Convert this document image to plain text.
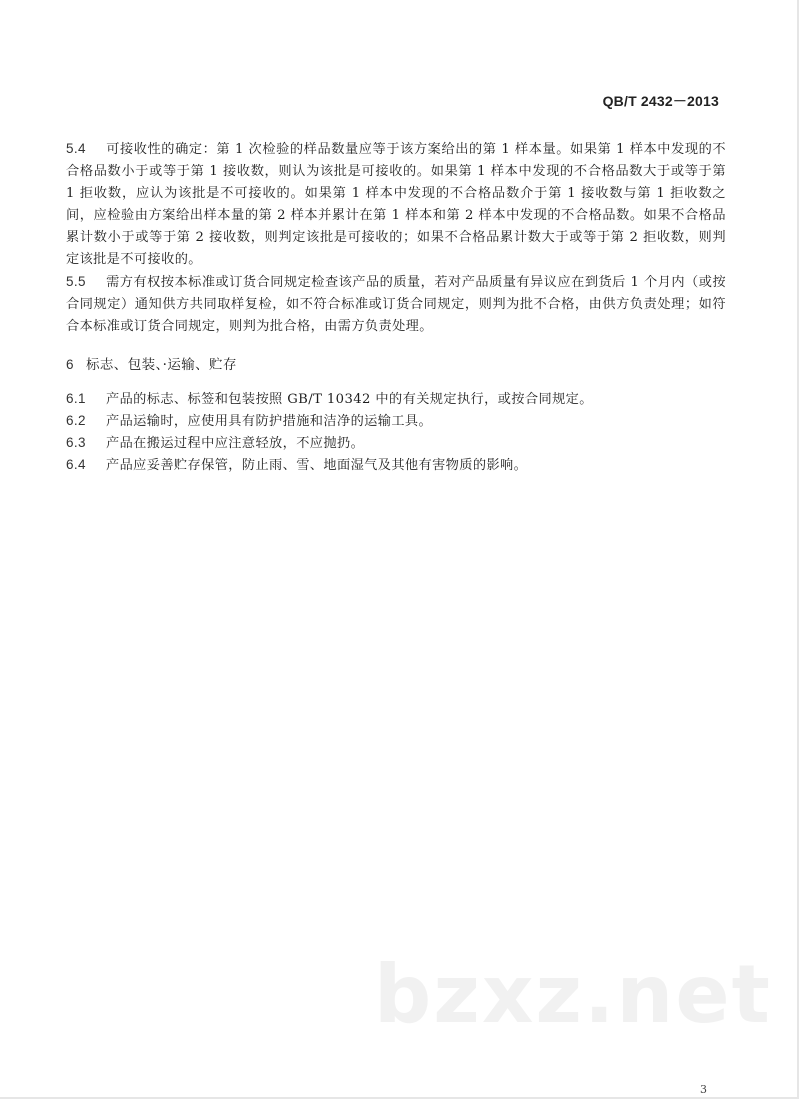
QB/T 2432－2013

5.4 可接收性的确定：第 1 次检验的样品数量应等于该方案给出的第 1 样本量。如果第 1 样本中发现的不合格品数小于或等于第 1 接收数，则认为该批是可接收的。如果第 1 样本中发现的不合格品数大于或等于第 1 拒收数，应认为该批是不可接收的。如果第 1 样本中发现的不合格品数介于第 1 接收数与第 1 拒收数之间，应检验由方案给出样本量的第 2 样本并累计在第 1 样本和第 2 样本中发现的不合格品数。如果不合格品累计数小于或等于第 2 接收数，则判定该批是可接收的；如果不合格品累计数大于或等于第 2 拒收数，则判定该批是不可接收的。

5.5 需方有权按本标准或订货合同规定检查该产品的质量，若对产品质量有异议应在到货后 1 个月内（或按合同规定）通知供方共同取样复检，如不符合标准或订货合同规定，则判为批不合格，由供方负责处理；如符合本标准或订货合同规定，则判为批合格，由需方负责处理。

6 标志、包装、·运输、贮存

6.1 产品的标志、标签和包装按照 GB/T 10342 中的有关规定执行，或按合同规定。

6.2 产品运输时，应使用具有防护措施和洁净的运输工具。

6.3 产品在搬运过程中应注意轻放，不应抛扔。

6.4 产品应妥善贮存保管，防止雨、雪、地面湿气及其他有害物质的影响。

bzxz.net
3
